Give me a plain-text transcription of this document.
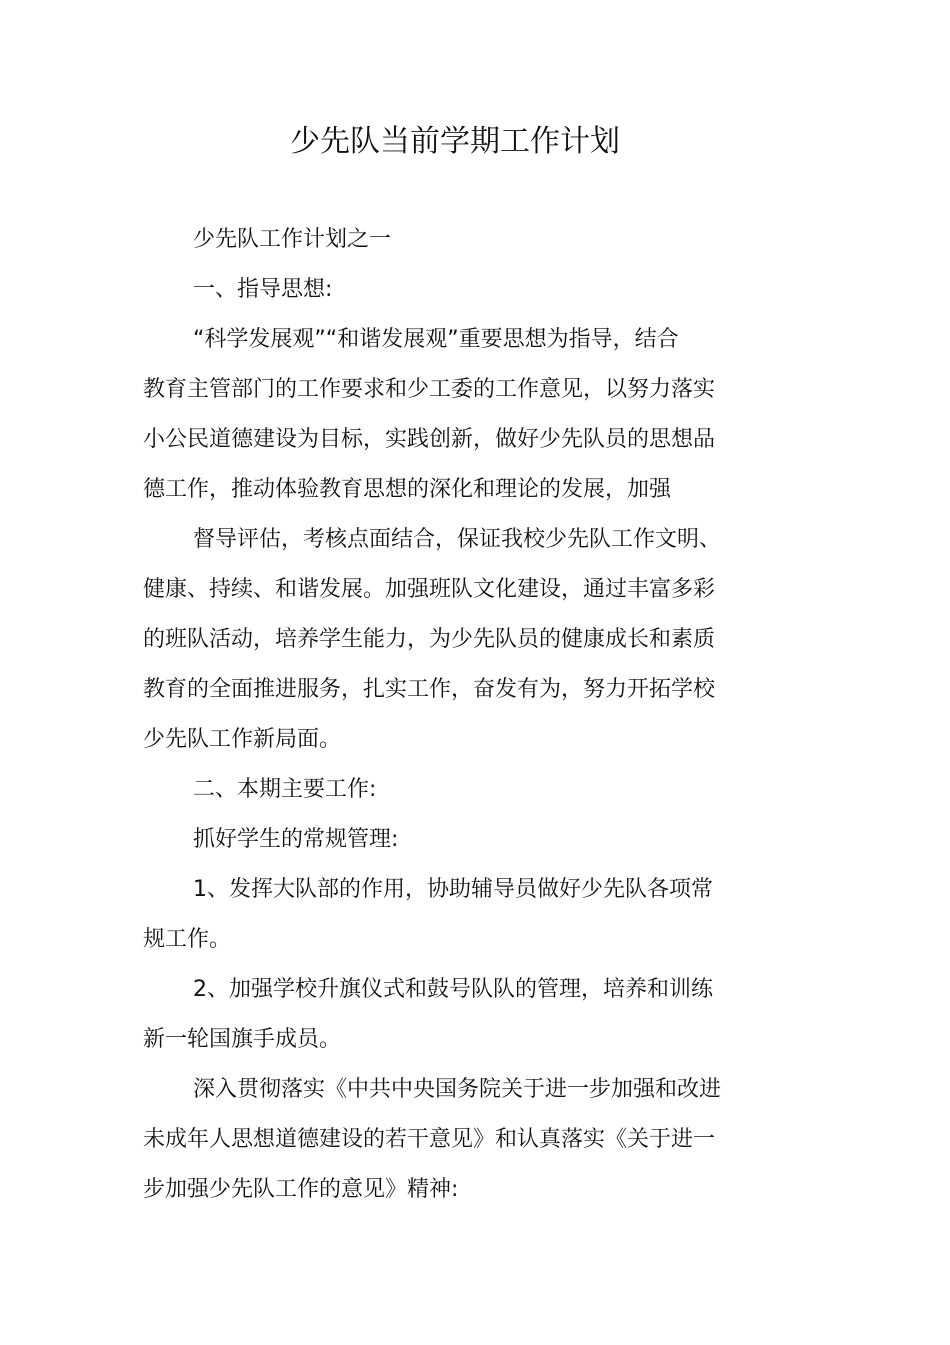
少先队当前学期工作计划
少先队工作计划之一
一、指导思想:
“科学发展观”“和谐发展观”重要思想为指导，结合
教育主管部门的工作要求和少工委的工作意见，以努力落实
小公民道德建设为目标，实践创新，做好少先队员的思想品
德工作，推动体验教育思想的深化和理论的发展，加强
督导评估，考核点面结合，保证我校少先队工作文明、
健康、持续、和谐发展。加强班队文化建设，通过丰富多彩
的班队活动，培养学生能力，为少先队员的健康成长和素质
教育的全面推进服务，扎实工作，奋发有为，努力开拓学校
少先队工作新局面。
二、本期主要工作:
抓好学生的常规管理:
1、发挥大队部的作用，协助辅导员做好少先队各项常
规工作。
2、加强学校升旗仪式和鼓号队队的管理，培养和训练
新一轮国旗手成员。
深入贯彻落实《中共中央国务院关于进一步加强和改进
未成年人思想道德建设的若干意见》和认真落实《关于进一
步加强少先队工作的意见》精神:
